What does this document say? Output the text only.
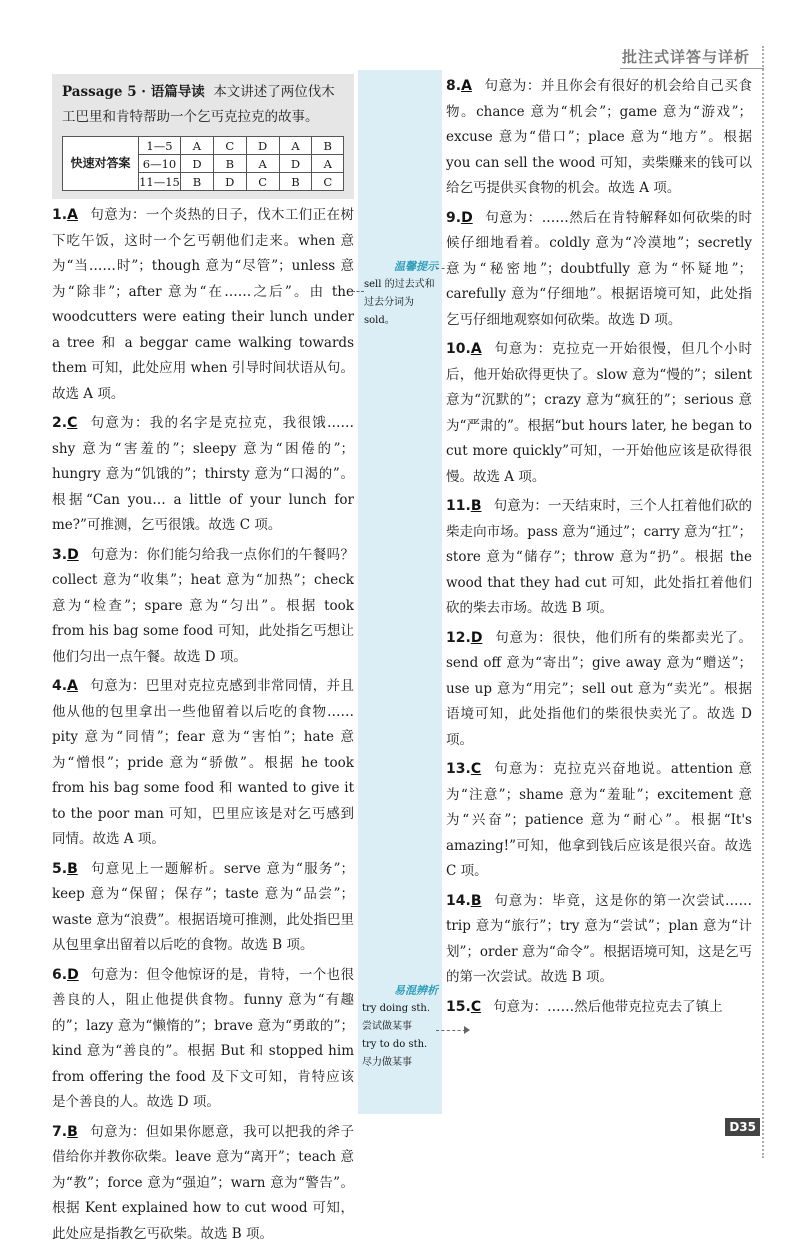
批注式详答与详析
Passage 5 · 语篇导读 本文讲述了两位伐木工巴里和肯特帮助一个乞丐克拉克的故事。
快速对答案	1—5	A	C	D	A	B
	6—10	D	B	A	D	A
	11—15	B	D	C	B	C
1.A 句意为：一个炎热的日子，伐木工们正在树下吃午饭，这时一个乞丐朝他们走来。when 意为“当……时”；though 意为“尽管”；unless 意为“除非”；after 意为“在……之后”。由 the woodcutters were eating their lunch under a tree 和 a beggar came walking towards them 可知，此处应用 when 引导时间状语从句。故选 A 项。
2.C 句意为：我的名字是克拉克，我很饿…… shy 意为“害羞的”；sleepy 意为“困倦的”；hungry 意为“饥饿的”；thirsty 意为“口渴的”。根据“Can you… a little of your lunch for me?”可推测，乞丐很饿。故选 C 项。
3.D 句意为：你们能匀给我一点你们的午餐吗？collect 意为“收集”；heat 意为“加热”；check 意为“检查”；spare 意为“匀出”。根据 took from his bag some food 可知，此处指乞丐想让他们匀出一点午餐。故选 D 项。
4.A 句意为：巴里对克拉克感到非常同情，并且他从他的包里拿出一些他留着以后吃的食物…… pity 意为“同情”；fear 意为“害怕”；hate 意为“憎恨”；pride 意为“骄傲”。根据 he took from his bag some food 和 wanted to give it to the poor man 可知，巴里应该是对乞丐感到同情。故选 A 项。
5.B 句意见上一题解析。serve 意为“服务”；keep 意为“保留；保存”；taste 意为“品尝”；waste 意为“浪费”。根据语境可推测，此处指巴里从包里拿出留着以后吃的食物。故选 B 项。
6.D 句意为：但令他惊讶的是，肯特，一个也很善良的人，阻止他提供食物。funny 意为“有趣的”；lazy 意为“懒惰的”；brave 意为“勇敢的”；kind 意为“善良的”。根据 But 和 stopped him from offering the food 及下文可知，肯特应该是个善良的人。故选 D 项。
7.B 句意为：但如果你愿意，我可以把我的斧子借给你并教你砍柴。leave 意为“离开”；teach 意为“教”；force 意为“强迫”；warn 意为“警告”。根据 Kent explained how to cut wood 可知，此处应是指教乞丐砍柴。故选 B 项。
8.A 句意为：并且你会有很好的机会给自己买食物。chance 意为“机会”；game 意为“游戏”；excuse 意为“借口”；place 意为“地方”。根据 you can sell the wood 可知，卖柴赚来的钱可以给乞丐提供买食物的机会。故选 A 项。
9.D 句意为：……然后在肯特解释如何砍柴的时候仔细地看着。coldly 意为“冷漠地”；secretly 意为“秘密地”；doubtfully 意为“怀疑地”；carefully 意为“仔细地”。根据语境可知，此处指乞丐仔细地观察如何砍柴。故选 D 项。
10.A 句意为：克拉克一开始很慢，但几个小时后，他开始砍得更快了。slow 意为“慢的”；silent 意为“沉默的”；crazy 意为“疯狂的”；serious 意为“严肃的”。根据“but hours later, he began to cut more quickly”可知，一开始他应该是砍得很慢。故选 A 项。
11.B 句意为：一天结束时，三个人扛着他们砍的柴走向市场。pass 意为“通过”；carry 意为“扛”；store 意为“储存”；throw 意为“扔”。根据 the wood that they had cut 可知，此处指扛着他们砍的柴去市场。故选 B 项。
12.D 句意为：很快，他们所有的柴都卖光了。send off 意为“寄出”；give away 意为“赠送”；use up 意为“用完”；sell out 意为“卖光”。根据语境可知，此处指他们的柴很快卖光了。故选 D 项。
13.C 句意为：克拉克兴奋地说。attention 意为“注意”；shame 意为“羞耻”；excitement 意为“兴奋”；patience 意为“耐心”。根据“It's amazing!”可知，他拿到钱后应该是很兴奋。故选 C 项。
14.B 句意为：毕竟，这是你的第一次尝试…… trip 意为“旅行”；try 意为“尝试”；plan 意为“计划”；order 意为“命令”。根据语境可知，这是乞丐的第一次尝试。故选 B 项。
15.C 句意为：……然后他带克拉克去了镇上
温馨提示
sell 的过去式和过去分词为 sold。
易混辨析
try doing sth.
尝试做某事
try to do sth.
尽力做某事
D35
